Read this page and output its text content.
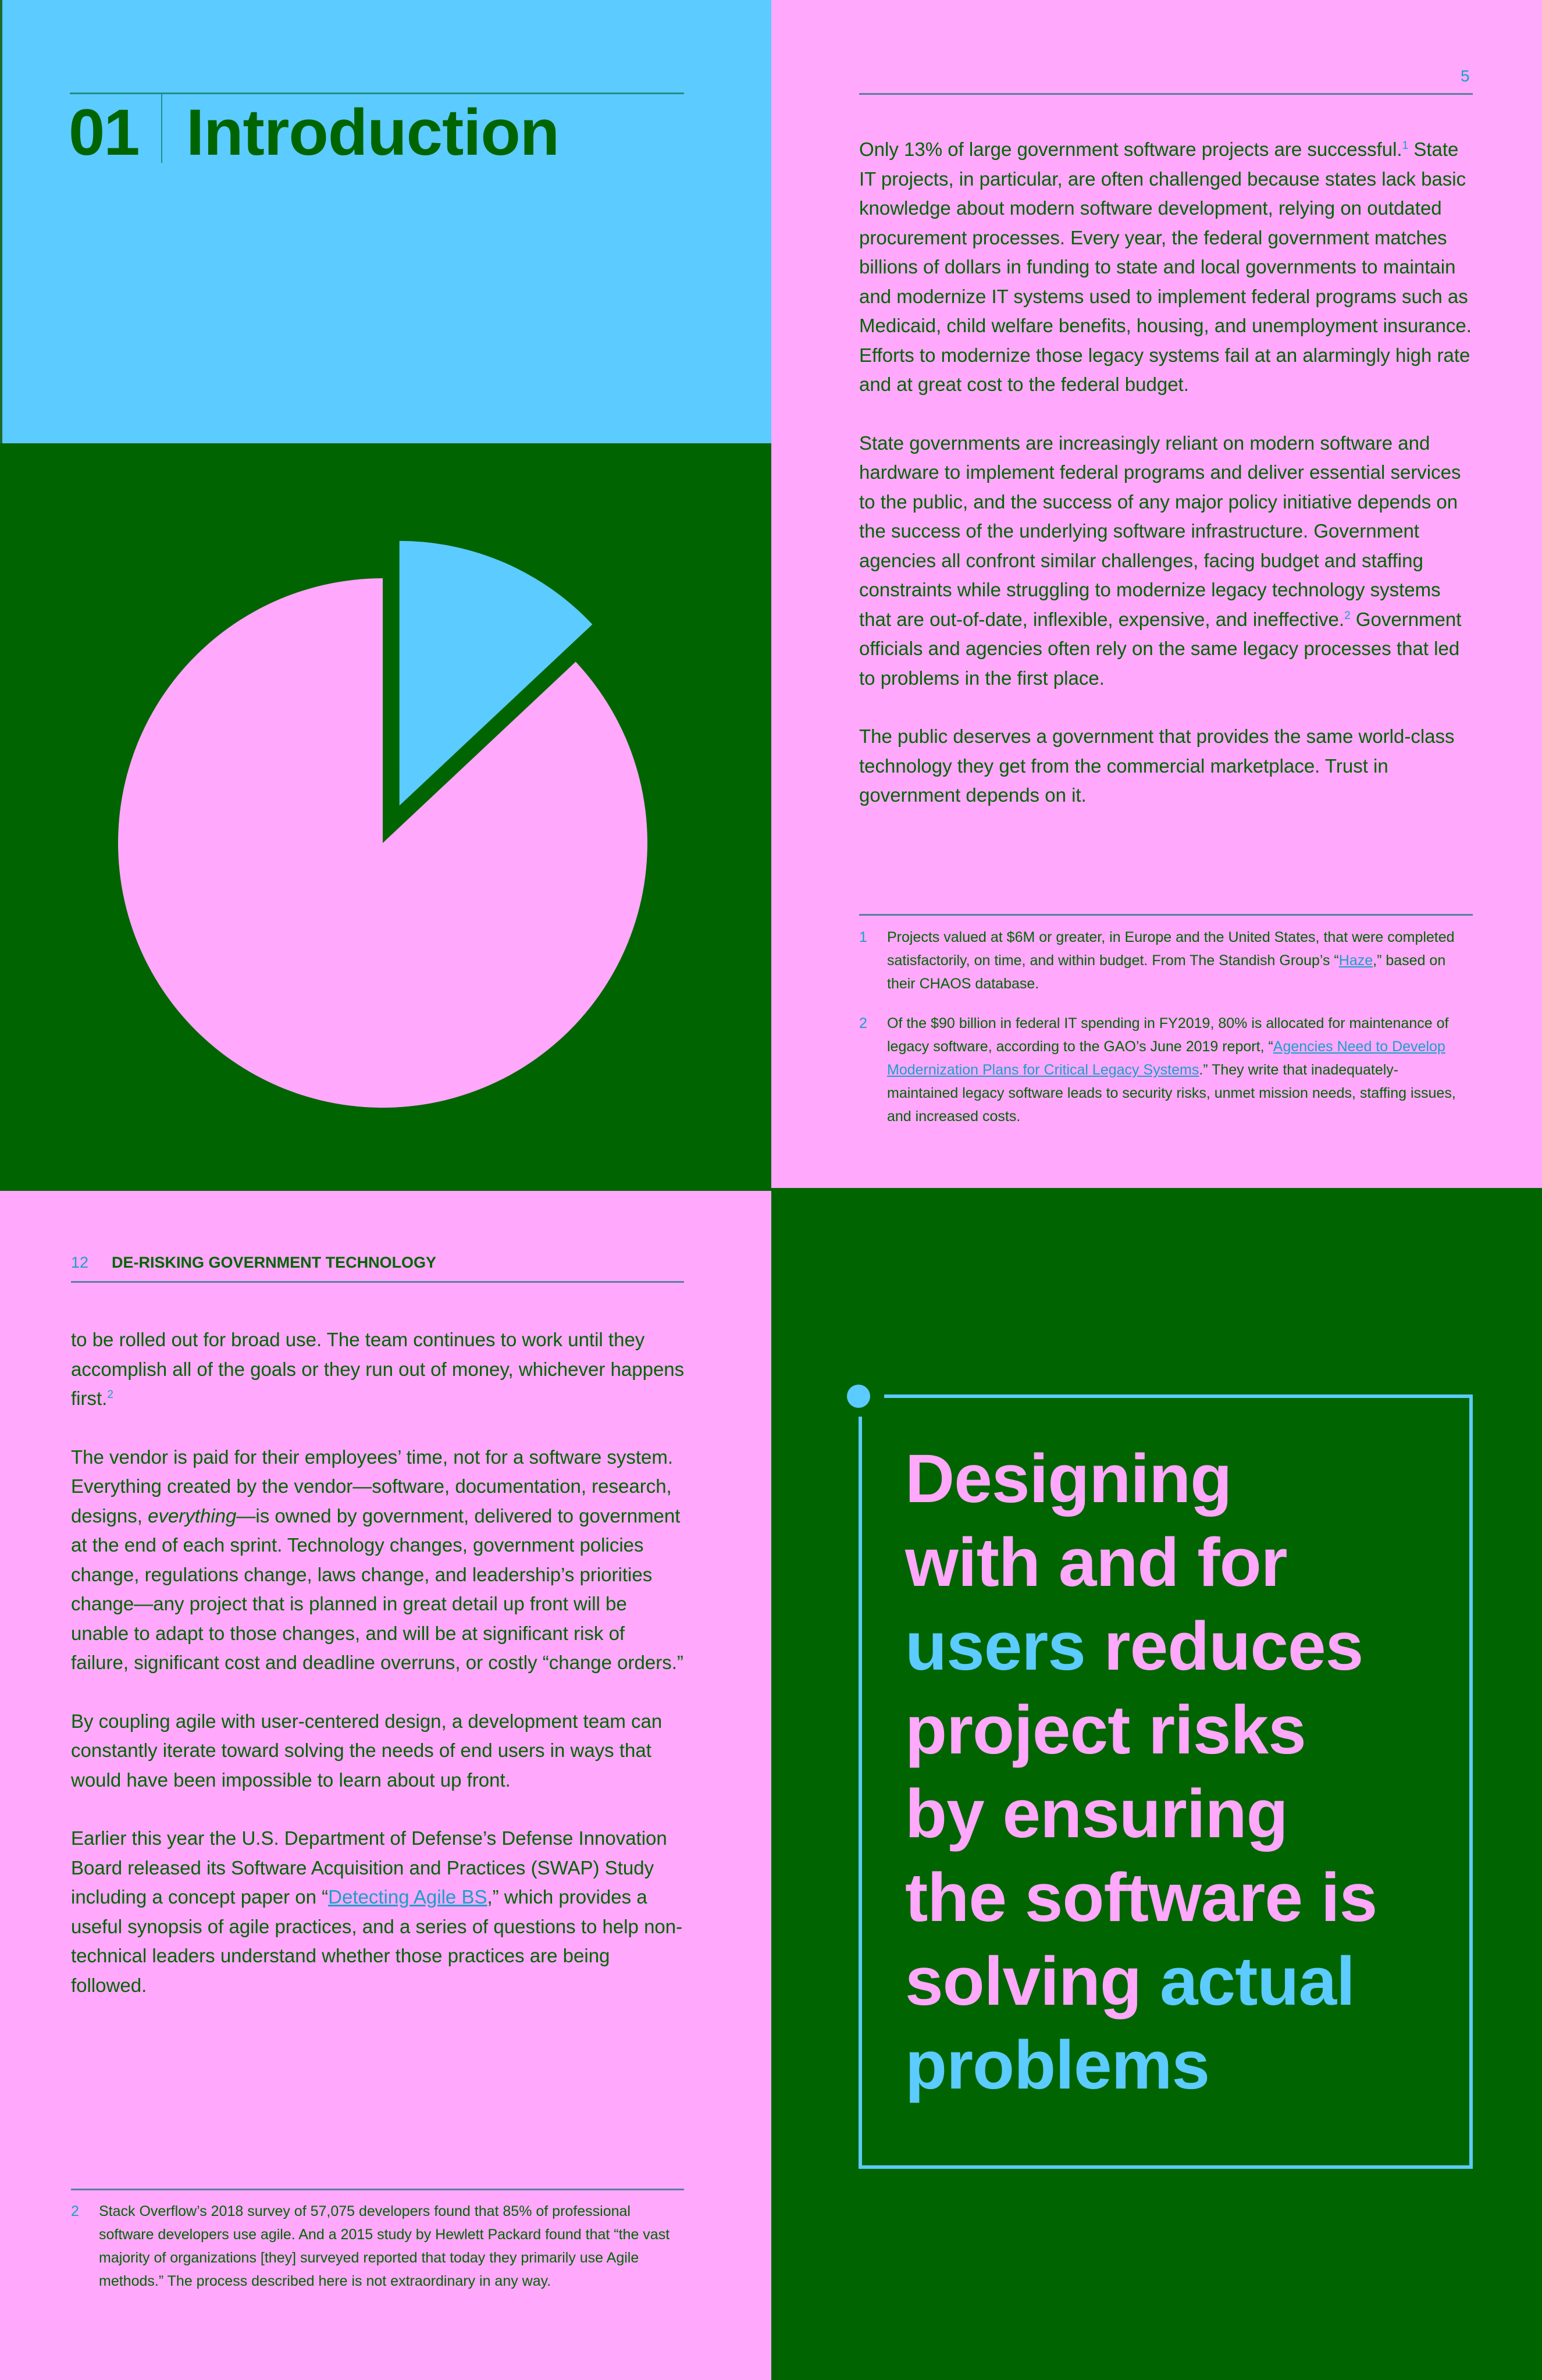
01 Introduction
5

Only 13% of large government software projects are successful.$^1$ State IT projects, in particular, are often challenged because states lack basic knowledge about modern software development, relying on outdated procurement processes. Every year, the federal government matches billions of dollars in funding to state and local governments to maintain and modernize IT systems used to implement federal programs such as Medicaid, child welfare benefits, housing, and unemployment insurance. Efforts to modernize those legacy systems fail at an alarmingly high rate and at great cost to the federal budget.

State governments are increasingly reliant on modern software and hardware to implement federal programs and deliver essential services to the public, and the success of any major policy initiative depends on the success of the underlying software infrastructure. Government agencies all confront similar challenges, facing budget and staffing constraints while struggling to modernize legacy technology systems that are out-of-date, inflexible, expensive, and ineffective.$^2$ Government officials and agencies often rely on the same legacy processes that led to problems in the first place.

The public deserves a government that provides the same world-class technology they get from the commercial marketplace. Trust in government depends on it.

1	Projects valued at $6M or greater, in Europe and the United States, that were completed satisfactorily, on time, and within budget. From The Standish Group’s “Haze,” based on their CHAOS database.
2	Of the $90 billion in federal IT spending in FY2019, 80% is allocated for maintenance of legacy software, according to the GAO’s June 2019 report, “Agencies Need to Develop Modernization Plans for Critical Legacy Systems.” They write that inadequately-maintained legacy software leads to security risks, unmet mission needs, staffing issues, and increased costs.
12 DE-RISKING GOVERNMENT TECHNOLOGY

to be rolled out for broad use. The team continues to work until they accomplish all of the goals or they run out of money, whichever happens first.$^2$

The vendor is paid for their employees’ time, not for a software system. Everything created by the vendor—software, documentation, research, designs, everything—is owned by government, delivered to government at the end of each sprint. Technology changes, government policies change, regulations change, laws change, and leadership’s priorities change—any project that is planned in great detail up front will be unable to adapt to those changes, and will be at significant risk of failure, significant cost and deadline overruns, or costly “change orders.”

By coupling agile with user-centered design, a development team can constantly iterate toward solving the needs of end users in ways that would have been impossible to learn about up front.

Earlier this year the U.S. Department of Defense’s Defense Innovation Board released its Software Acquisition and Practices (SWAP) Study including a concept paper on “Detecting Agile BS,” which provides a useful synopsis of agile practices, and a series of questions to help non-technical leaders understand whether those practices are being followed.

2	Stack Overflow’s 2018 survey of 57,075 developers found that 85% of professional software developers use agile. And a 2015 study by Hewlett Packard found that “the vast majority of organizations [they] surveyed reported that today they primarily use Agile methods.” The process described here is not extraordinary in any way.
Designing
with and for
users reduces
project risks
by ensuring
the software is
solving actual
problems
